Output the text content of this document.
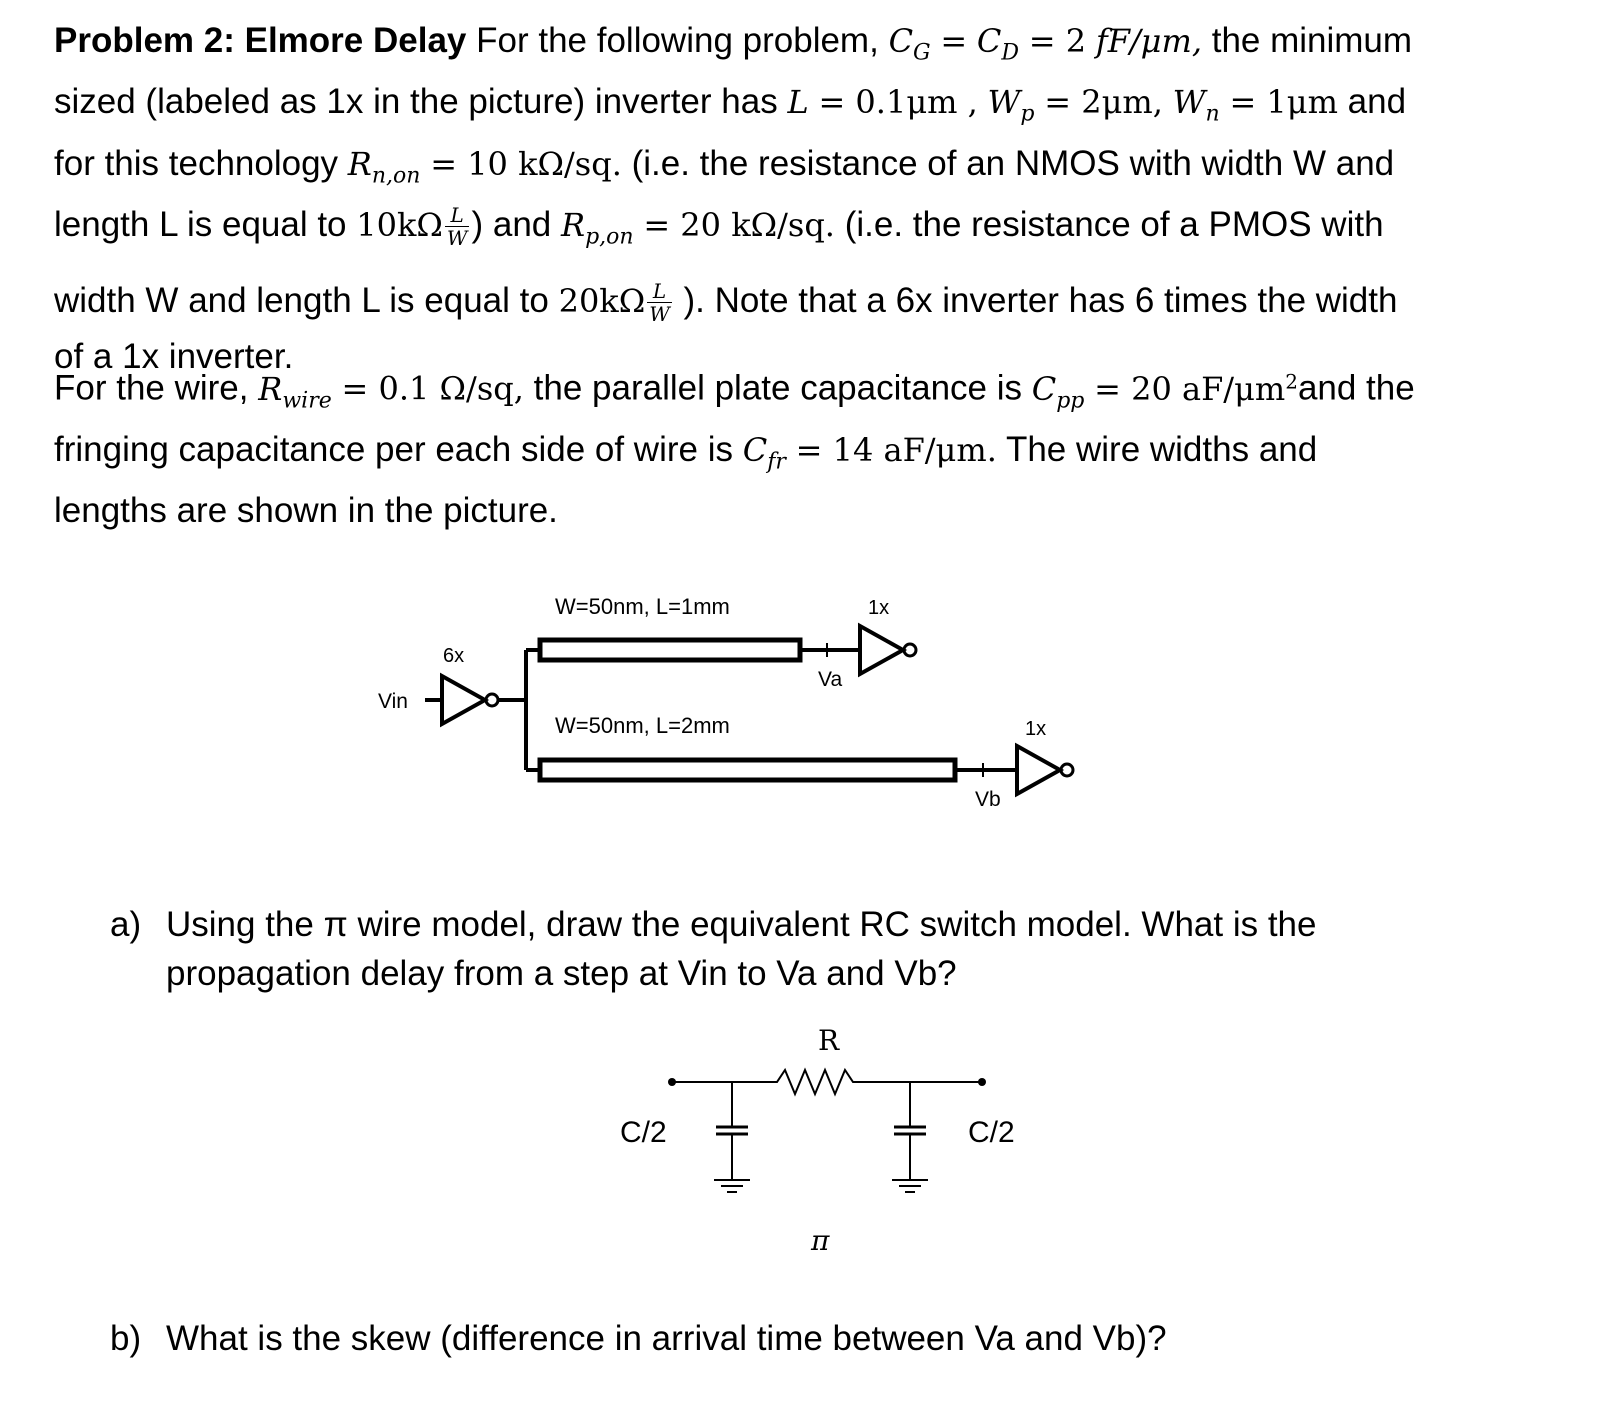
Problem 2: Elmore Delay For the following problem, $C_G = C_D = 2$ fF/μm, the minimum
sized (labeled as 1x in the picture) inverter has L = 0.1μm , $W_p = 2\mu m$, $W_n = 1\mu m$ and
for this technology $R_{n,on} = 10$ kΩ/sq. (i.e. the resistance of an NMOS with width W and
length L is equal to $10k\Omega \frac{L}{W}$ ) and $R_{p,on} = 20$ kΩ/sq. (i.e. the resistance of a PMOS with
width W and length L is equal to $20k\Omega \frac{L}{W}$ ). Note that a 6x inverter has 6 times the width
of a 1x inverter.
For the wire, $R_{wire} = 0.1$ Ω/sq, the parallel plate capacitance is $C_{pp} = 20$ $aF/\mu m^2and$ the
fringing capacitance per each side of wire is $C_{fr} = 14$ aF/μm. The wire widths and
lengths are shown in the picture.
W=50nm, L=1mm
W=50nm, L=2mm
6x
1x
1x
Vin
Va
Vb
R
C/2	C/2
π
a) Using the π wire model, draw the equivalent RC switch model. What is the propagation delay from a step at Vin to Va and Vb?
b) What is the skew (difference in arrival time between Va and Vb)?
